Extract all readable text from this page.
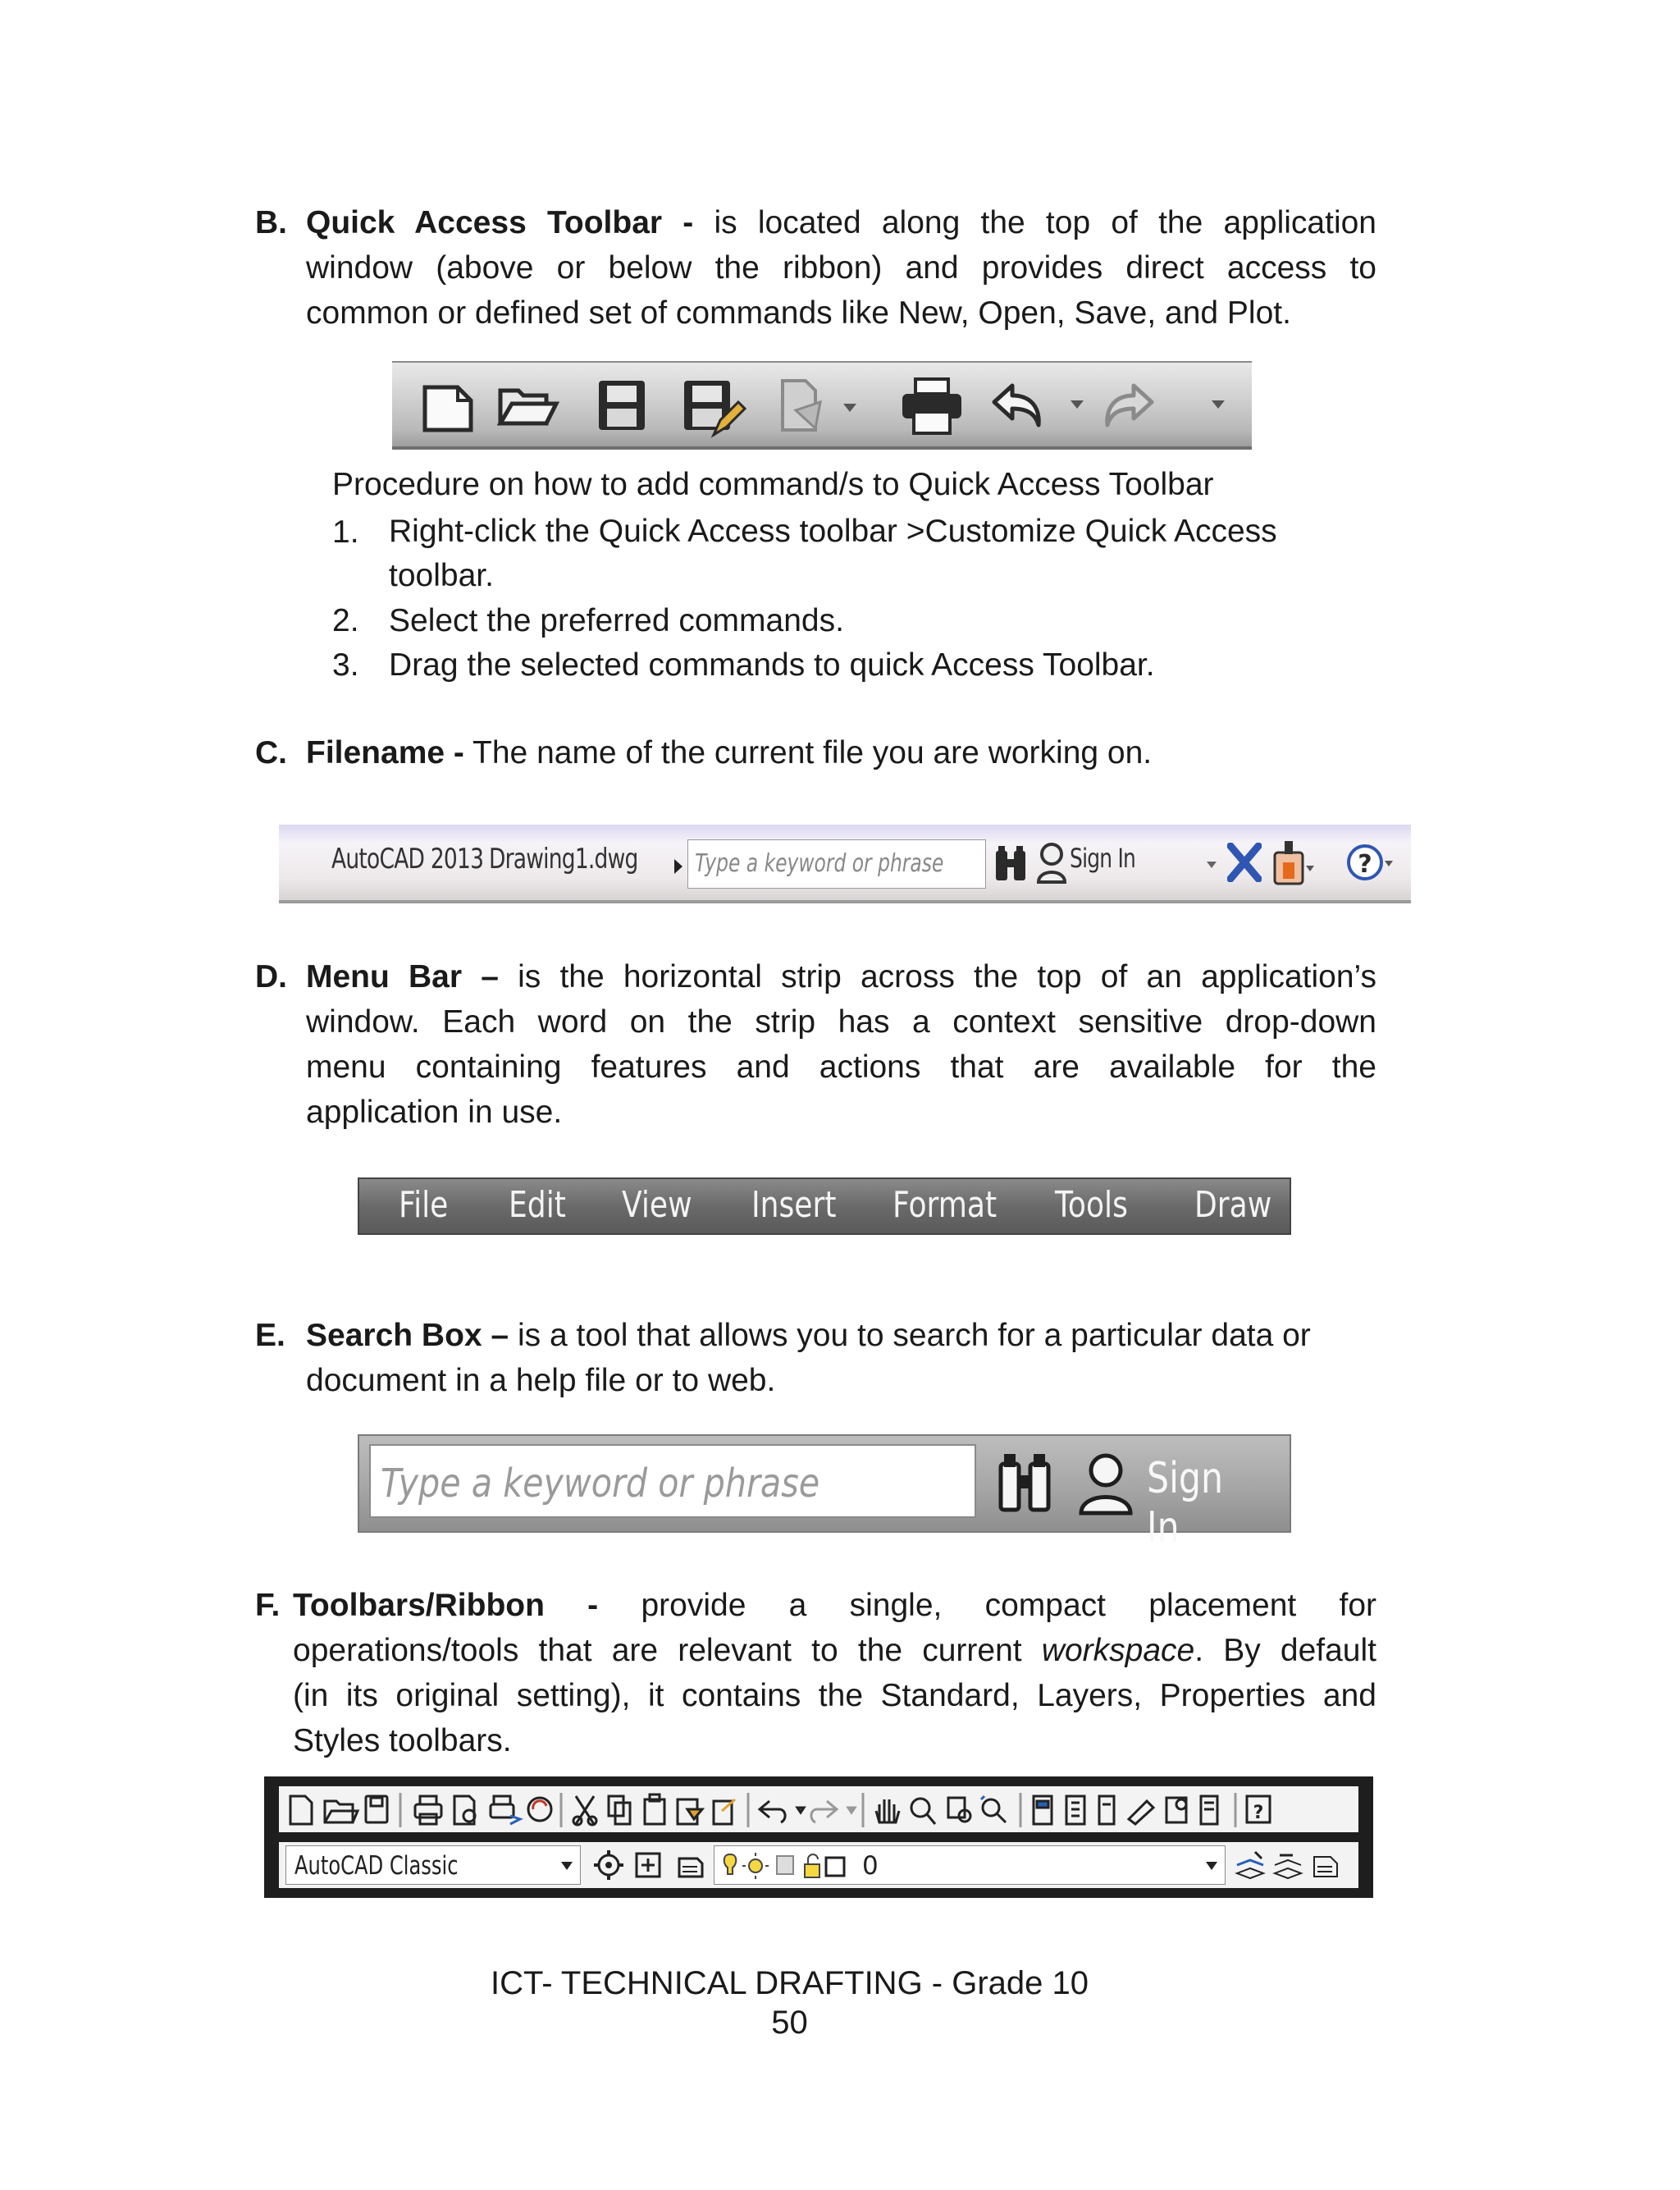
B. Quick Access Toolbar - is located along the top of the application
window (above or below the ribbon) and provides direct access to
common or defined set of commands like New, Open, Save, and Plot.
Procedure on how to add command/s to Quick Access Toolbar
1. Right-click the Quick Access toolbar >Customize Quick Access
toolbar.
2. Select the preferred commands.
3. Drag the selected commands to quick Access Toolbar.
C. Filename - The name of the current file you are working on.
AutoCAD 2013 Drawing1.dwg	Type a keyword or phrase	Sign In	?
D. Menu Bar – is the horizontal strip across the top of an application’s
window. Each word on the strip has a context sensitive drop-down
menu containing features and actions that are available for the
application in use.
File Edit View Insert Format Tools Draw
E. Search Box – is a tool that allows you to search for a particular data or
document in a help file or to web.
Type a keyword or phrase	Sign In
F. Toolbars/Ribbon - provide a single, compact placement for
operations/tools that are relevant to the current workspace. By default
(in its original setting), it contains the Standard, Layers, Properties and
Styles toolbars.
?
AutoCAD Classic	0
ICT- TECHNICAL DRAFTING - Grade 10
50
